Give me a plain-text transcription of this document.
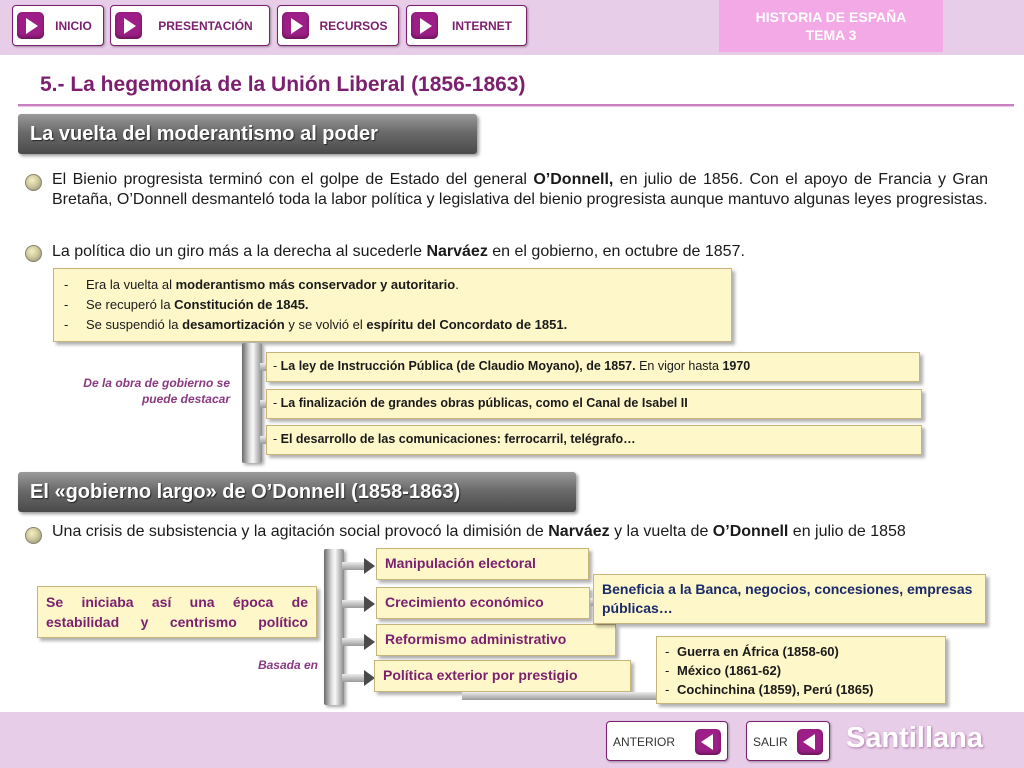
INICIO	PRESENTACIÓN	RECURSOS	INTERNET
HISTORIA DE ESPAÑA
TEMA 3
5.- La hegemonía de la Unión Liberal (1856-1863)
La vuelta del moderantismo al poder
El Bienio progresista terminó con el golpe de Estado del general O’Donnell, en julio de 1856. Con el apoyo de Francia y Gran Bretaña, O’Donnell desmanteló toda la labor política y legislativa del bienio progresista aunque mantuvo algunas leyes progresistas.
La política dio un giro más a la derecha al sucederle Narváez en el gobierno, en octubre de 1857.
- Era la vuelta al moderantismo más conservador y autoritario.
- Se recuperó la Constitución de 1845.
- Se suspendió la desamortización y se volvió el espíritu del Concordato de 1851.
De la obra de gobierno se puede destacar
- La ley de Instrucción Pública (de Claudio Moyano), de 1857. En vigor hasta 1970
- La finalización de grandes obras públicas, como el Canal de Isabel II
- El desarrollo de las comunicaciones: ferrocarril, telégrafo…
El «gobierno largo» de O’Donnell (1858-1863)
Una crisis de subsistencia y la agitación social provocó la dimisión de Narváez y la vuelta de O’Donnell en julio de 1858
Se iniciaba así una época de estabilidad y centrismo político
Basada en
Manipulación electoral
Crecimiento económico
Reformismo administrativo
Política exterior por prestigio
Beneficia a la Banca, negocios, concesiones, empresas públicas…
- Guerra en África (1858-60)
- México (1861-62)
- Cochinchina (1859), Perú (1865)
ANTERIOR	SALIR Santillana
